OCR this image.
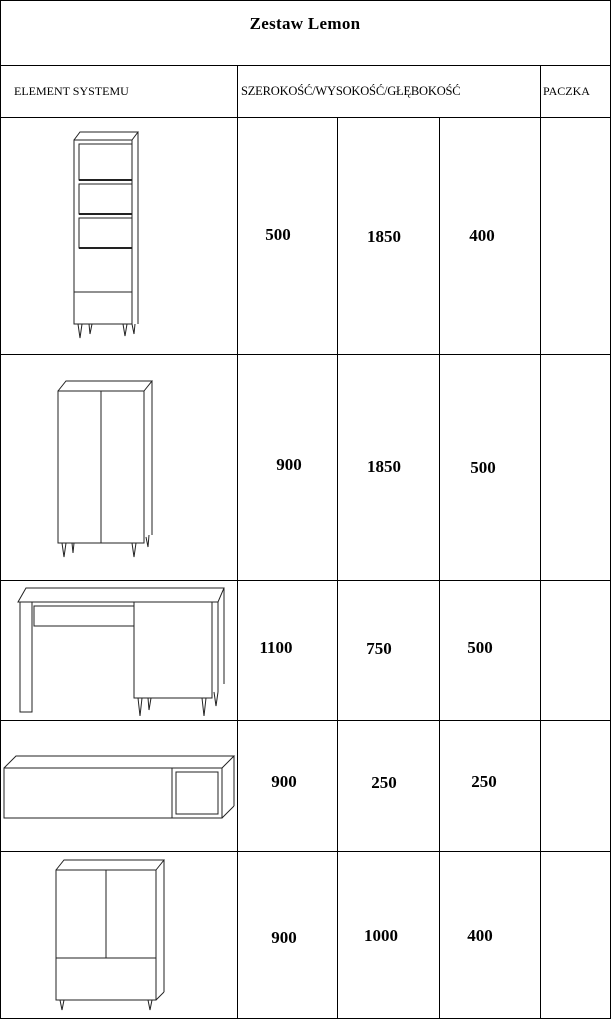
Zestaw Lemon
ELEMENT SYSTEMU	SZEROKOŚĆ/WYSOKOŚĆ/GŁĘBOKOŚĆ	PACZKA
500	1850	400
900	1850	500
1100	750	500
900	250	250
900	1000	400
